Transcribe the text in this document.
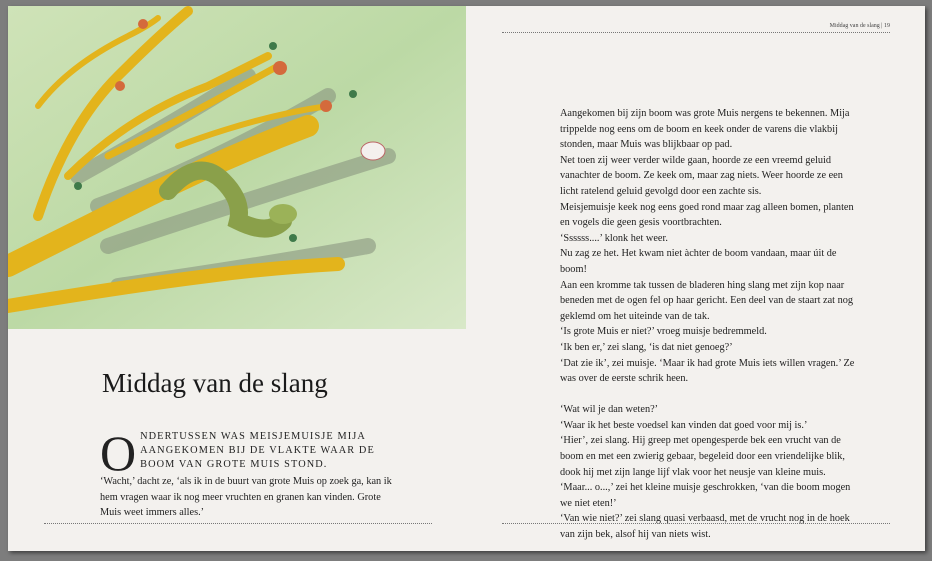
Middag van de slang | 19
Middag van de slang
O NDERTUSSEN WAS MEISJEMUISJE MIJA AANGEKOMEN BIJ DE VLAKTE WAAR DE BOOM VAN GROTE MUIS STOND.
‘Wacht,’ dacht ze, ‘als ik in de buurt van grote Muis op zoek ga, kan ik hem vragen waar ik nog meer vruchten en granen kan vinden. Grote Muis weet immers alles.’

Aangekomen bij zijn boom was grote Muis nergens te bekennen. Mija trippelde nog eens om de boom en keek onder de varens die vlakbij stonden, maar Muis was blijkbaar op pad.

Net toen zij weer verder wilde gaan, hoorde ze een vreemd geluid vanachter de boom. Ze keek om, maar zag niets. Weer hoorde ze een licht ratelend geluid gevolgd door een zachte sis.

Meisjemuisje keek nog eens goed rond maar zag alleen bomen, planten en vogels die geen gesis voortbrachten.

‘Ssssss....’ klonk het weer.

Nu zag ze het. Het kwam niet àchter de boom vandaan, maar úit de boom!

Aan een kromme tak tussen de bladeren hing slang met zijn kop naar beneden met de ogen fel op haar gericht. Een deel van de staart zat nog geklemd om het uiteinde van de tak.

‘Is grote Muis er niet?’ vroeg muisje bedremmeld.

‘Ik ben er,’ zei slang, ‘is dat niet genoeg?’

‘Dat zie ik’, zei muisje. ‘Maar ik had grote Muis iets willen vragen.’ Ze was over de eerste schrik heen.

‘Wat wil je dan weten?’

‘Waar ik het beste voedsel kan vinden dat goed voor mij is.’

‘Hier’, zei slang. Hij greep met opengesperde bek een vrucht van de boom en met een zwierig gebaar, begeleid door een vriendelijke blik, dook hij met zijn lange lijf vlak voor het neusje van kleine muis.

‘Maar... o...,’ zei het kleine muisje geschrokken, ‘van die boom mogen we niet eten!’

‘Van wie niet?’ zei slang quasi verbaasd, met de vrucht nog in de hoek van zijn bek, alsof hij van niets wist.
